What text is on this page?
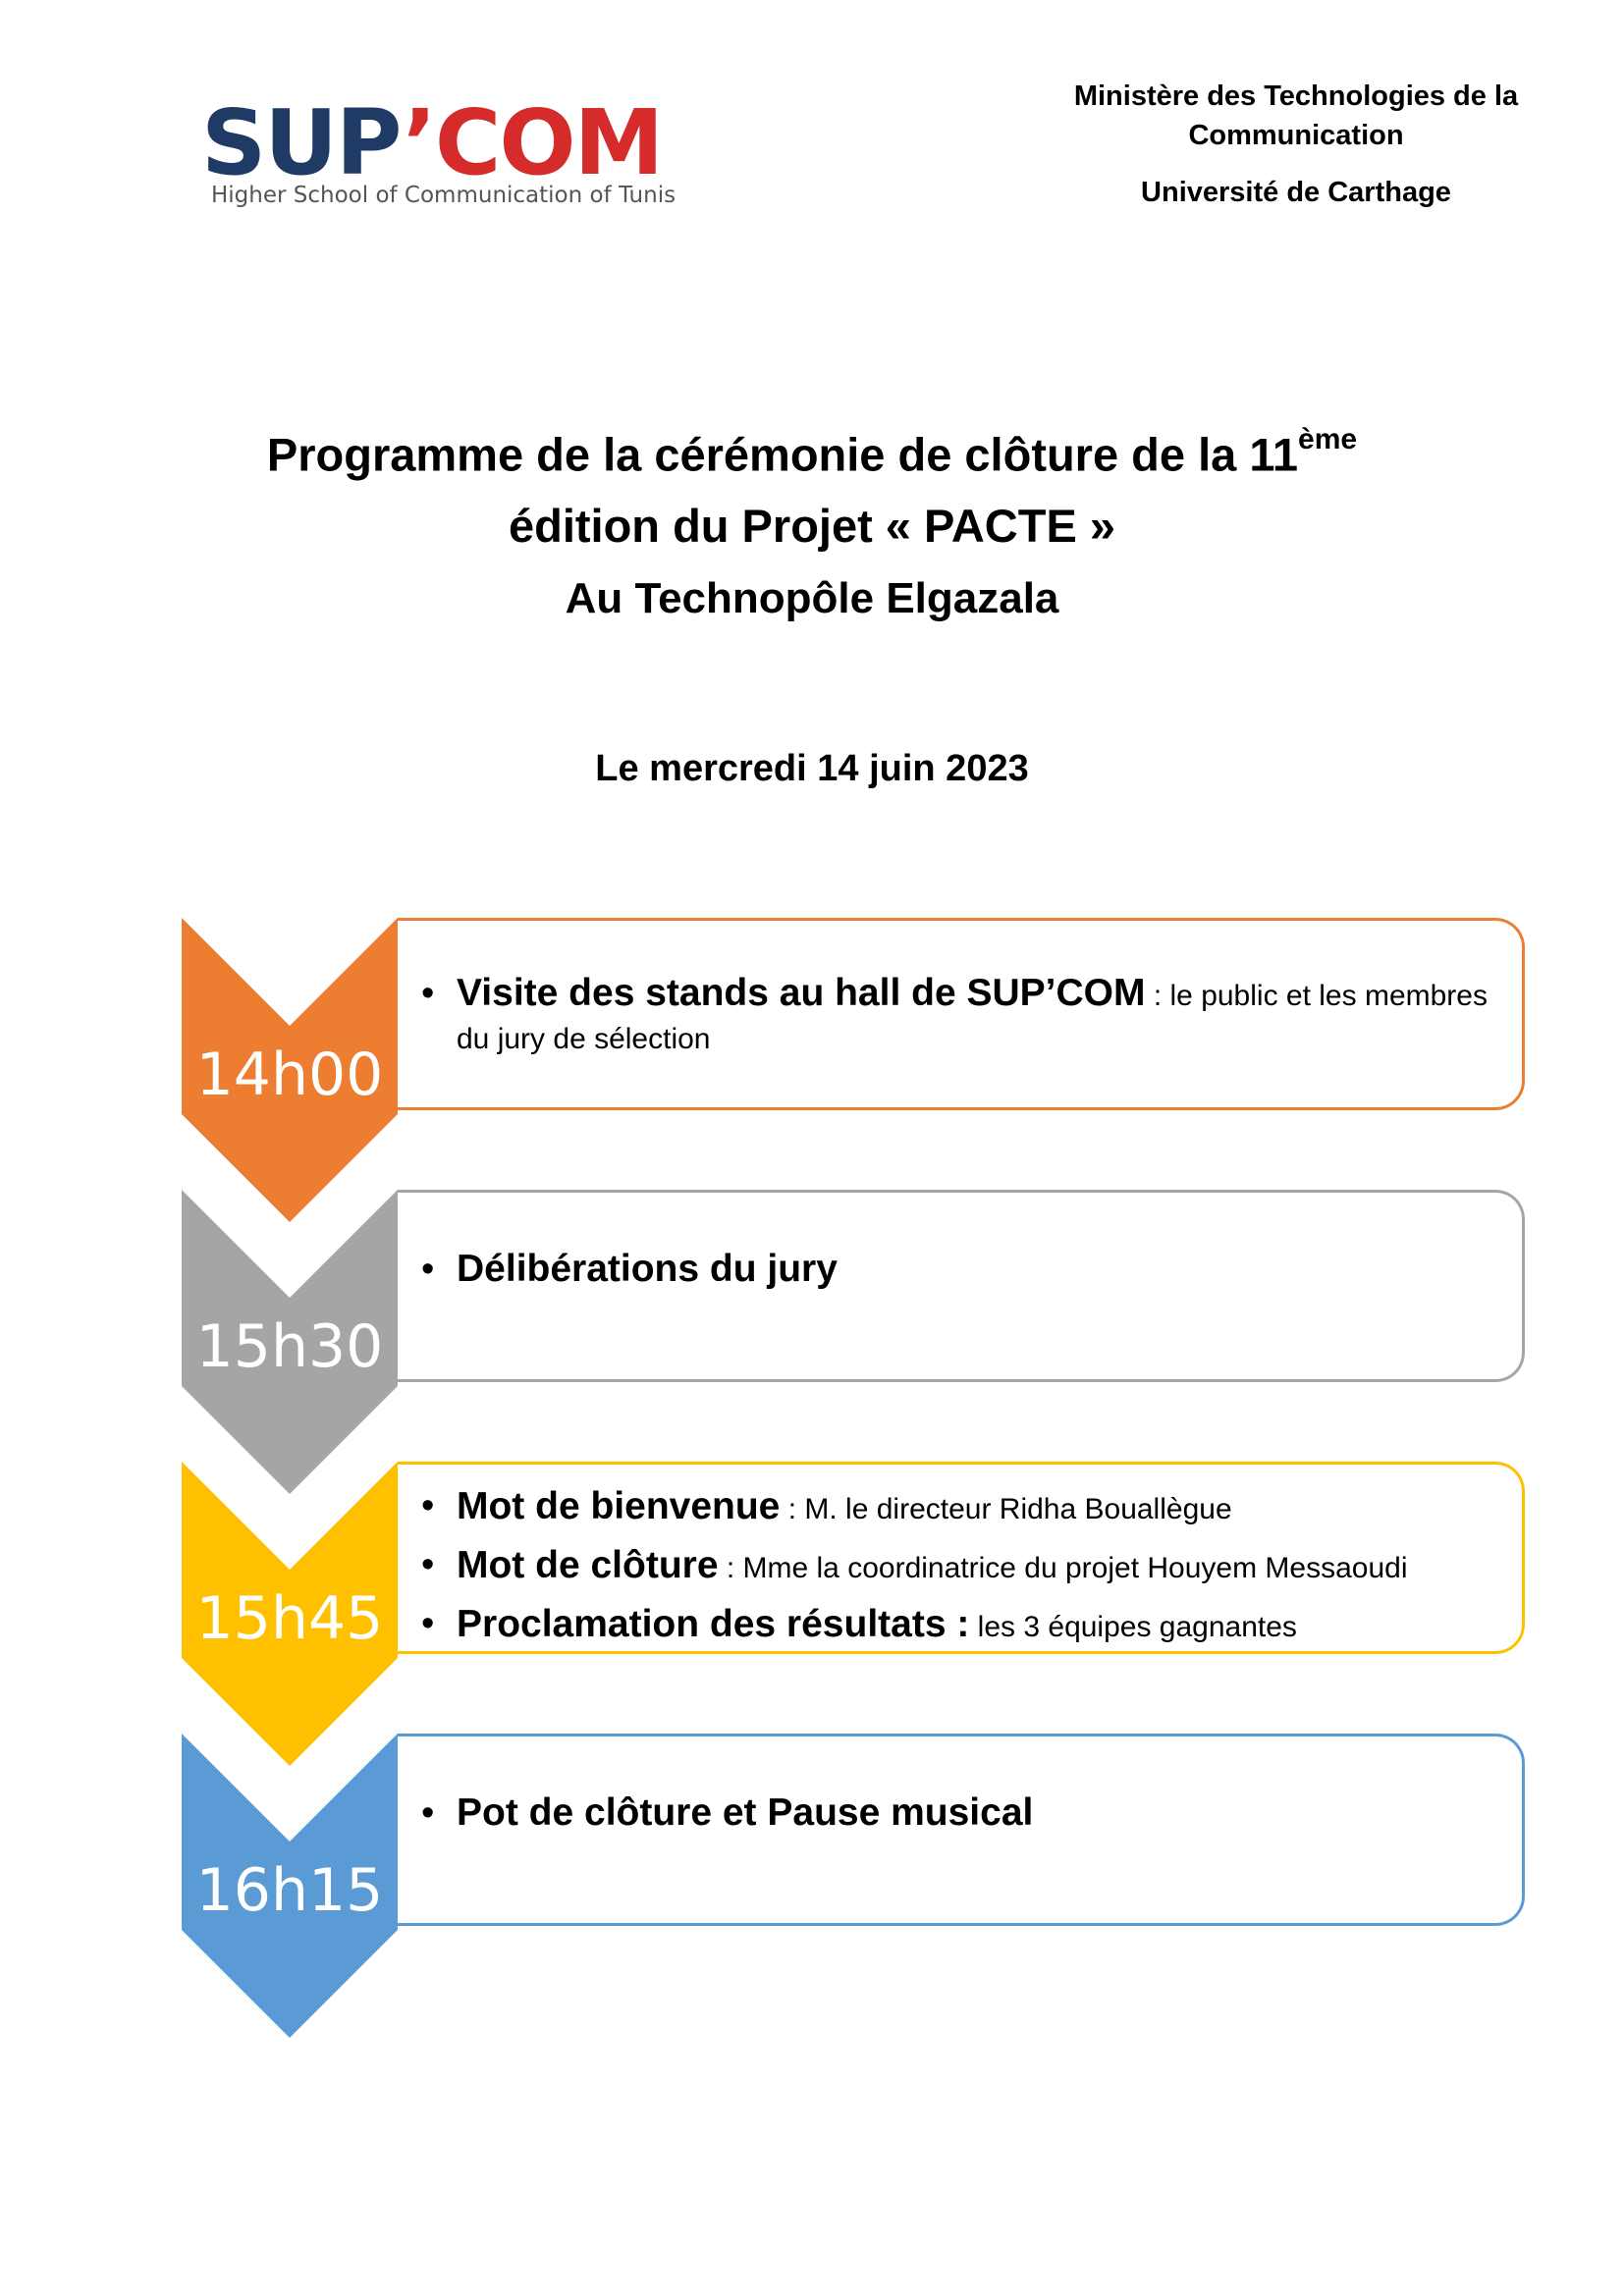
SUP’COM
Higher School of Communication of Tunis
Ministère des Technologies de la
Communication
Université de Carthage
Programme de la cérémonie de clôture de la 11ème
édition du Projet « PACTE »
Au Technopôle Elgazala
Le mercredi 14 juin 2023
14h00
• Visite des stands au hall de SUP’COM : le public et les membres du jury de sélection
15h30
• Délibérations du jury
15h45
• Mot de bienvenue : M. le directeur Ridha Bouallègue
• Mot de clôture : Mme la coordinatrice du projet Houyem Messaoudi
• Proclamation des résultats : les 3 équipes gagnantes
16h15
• Pot de clôture et Pause musical
